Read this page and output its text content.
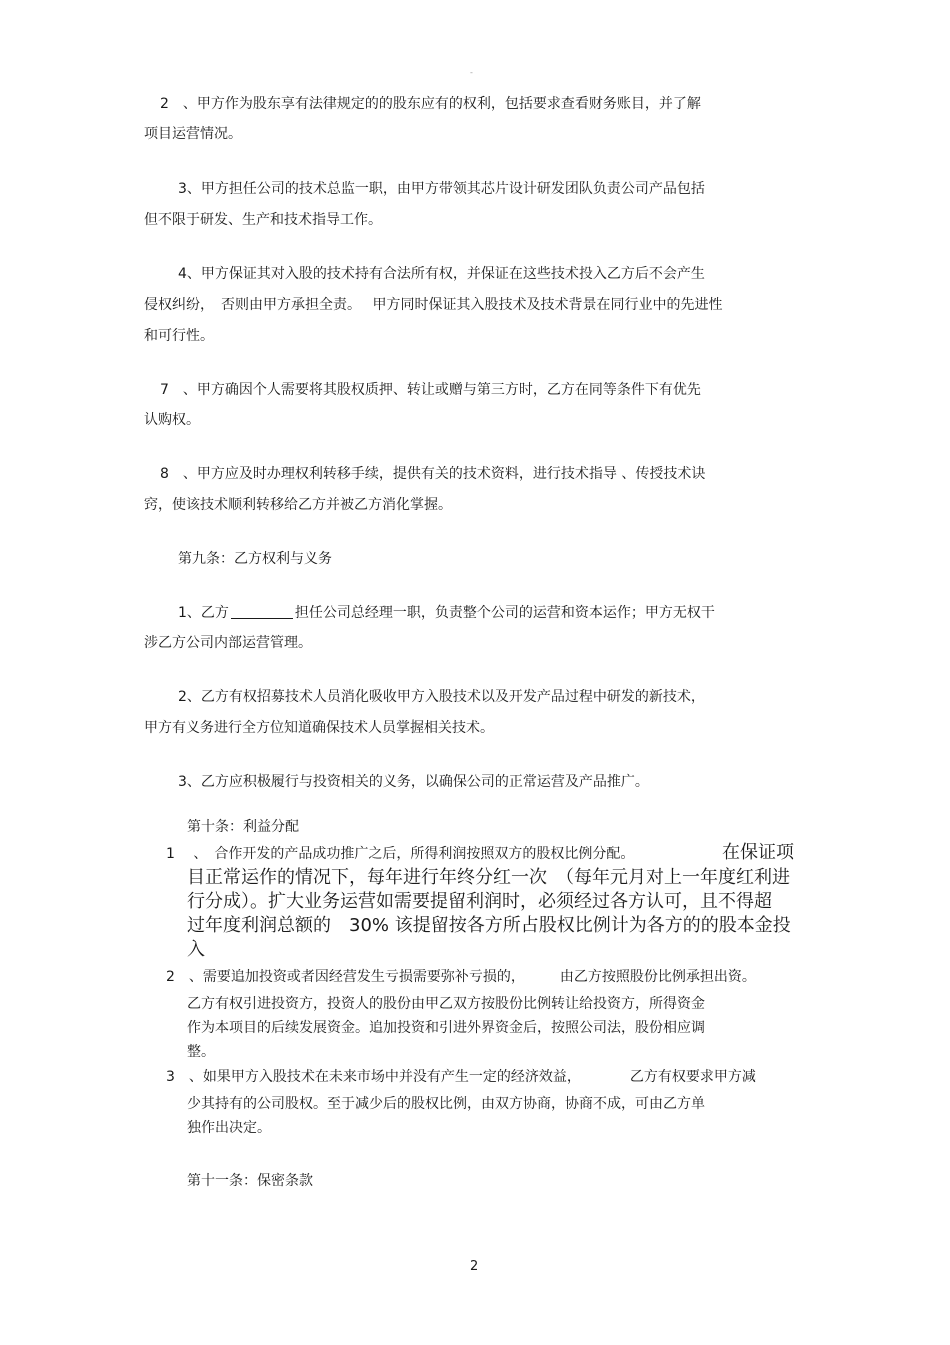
-
2　、甲方作为股东享有法律规定的的股东应有的权利，包括要求查看财务账目，并了解
项目运营情况。
3、甲方担任公司的技术总监一职，由甲方带领其芯片设计研发团队负责公司产品包括
但不限于研发、生产和技术指导工作。
4、甲方保证其对入股的技术持有合法所有权，并保证在这些技术投入乙方后不会产生
侵权纠纷，　否则由甲方承担全责。　 甲方同时保证其入股技术及技术背景在同行业中的先进性
和可行性。
7　、甲方确因个人需要将其股权质押、转让或赠与第三方时，乙方在同等条件下有优先
认购权。
8　、甲方应及时办理权利转移手续，提供有关的技术资料，进行技术指导 、传授技术诀
窍，使该技术顺利转移给乙方并被乙方消化掌握。
第九条：乙方权利与义务
1、乙方	担任公司总经理一职，负责整个公司的运营和资本运作；甲方无权干
涉乙方公司内部运营管理。
2、乙方有权招募技术人员消化吸收甲方入股技术以及开发产品过程中研发的新技术，
甲方有义务进行全方位知道确保技术人员掌握相关技术。
3、乙方应积极履行与投资相关的义务，以确保公司的正常运营及产品推广。
第十条：利益分配
1　 、　合作开发的产品成功推广之后，所得利润按照双方的股权比例分配。	在保证项
目正常运作的情况下，每年进行年终分红一次　（每年元月对上一年度红利进
行分成）。扩大业务运营如需要提留利润时，必须经过各方认可，且不得超
过年度利润总额的　30% 该提留按各方所占股权比例计为各方的的股本金投
入
2　、需要追加投资或者因经营发生亏损需要弥补亏损的，　　　由乙方按照股份比例承担出资。
乙方有权引进投资方，投资人的股份由甲乙双方按股份比例转让给投资方，所得资金
作为本项目的后续发展资金。追加投资和引进外界资金后，按照公司法，股份相应调
整。
3　、如果甲方入股技术在未来市场中并没有产生一定的经济效益，　　　　乙方有权要求甲方减
少其持有的公司股权。至于减少后的股权比例，由双方协商，协商不成，可由乙方单
独作出决定。
第十一条：保密条款
2
